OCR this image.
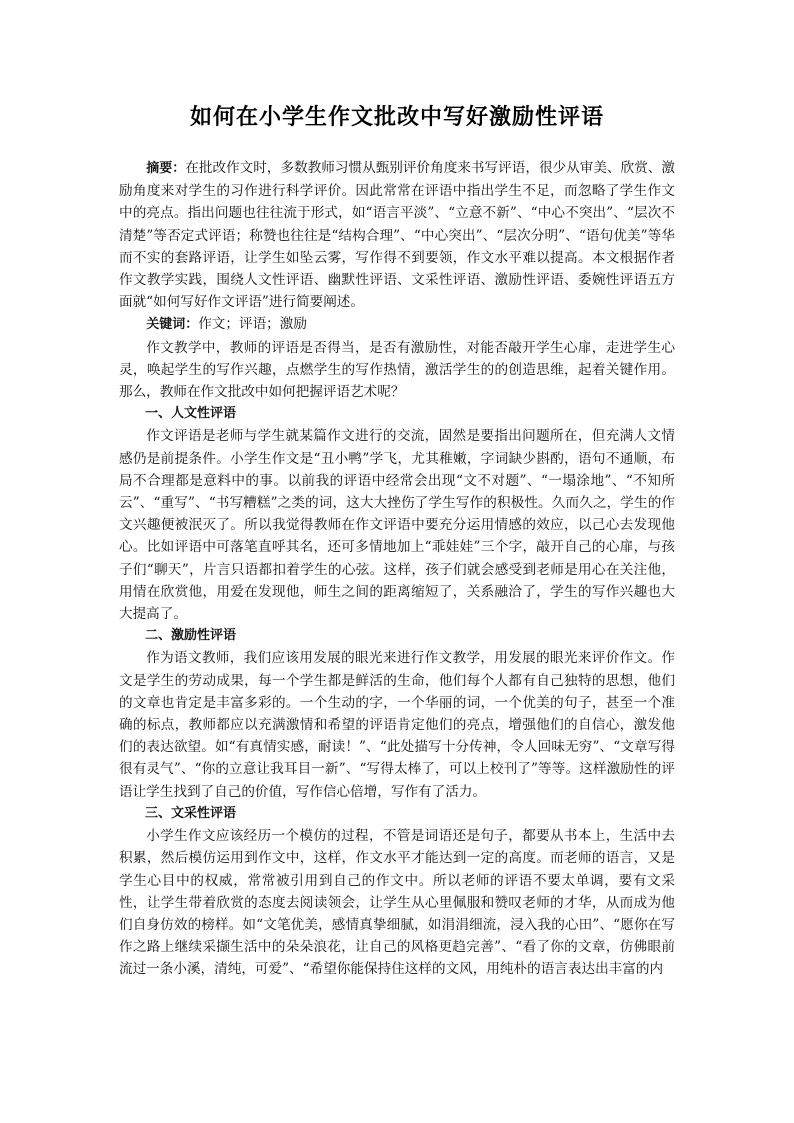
如何在小学生作文批改中写好激励性评语

摘要：在批改作文时，多数教师习惯从甄别评价角度来书写评语，很少从审美、欣赏、激励角度来对学生的习作进行科学评价。因此常常在评语中指出学生不足，而忽略了学生作文中的亮点。指出问题也往往流于形式，如“语言平淡”、“立意不新”、“中心不突出”、“层次不清楚”等否定式评语；称赞也往往是“结构合理”、“中心突出”、“层次分明”、“语句优美”等华而不实的套路评语，让学生如坠云雾，写作得不到要领，作文水平难以提高。本文根据作者作文教学实践，围绕人文性评语、幽默性评语、文采性评语、激励性评语、委婉性评语五方面就“如何写好作文评语”进行简要阐述。

关键词：作文；评语；激励

作文教学中，教师的评语是否得当，是否有激励性，对能否敲开学生心扉，走进学生心灵，唤起学生的写作兴趣，点燃学生的写作热情，激活学生的的创造思维，起着关键作用。那么，教师在作文批改中如何把握评语艺术呢？

一、人文性评语

作文评语是老师与学生就某篇作文进行的交流，固然是要指出问题所在，但充满人文情感仍是前提条件。小学生作文是“丑小鸭”学飞，尤其稚嫩，字词缺少斟酌，语句不通顺，布局不合理都是意料中的事。以前我的评语中经常会出现“文不对题”、“一塌涂地”、“不知所云”、“重写”、“书写糟糕”之类的词，这大大挫伤了学生写作的积极性。久而久之，学生的作文兴趣便被泯灭了。所以我觉得教师在作文评语中要充分运用情感的效应，以己心去发现他心。比如评语中可落笔直呼其名，还可多情地加上“乖娃娃”三个字，敲开自己的心扉，与孩子们“聊天”，片言只语都扣着学生的心弦。这样，孩子们就会感受到老师是用心在关注他，用情在欣赏他，用爱在发现他，师生之间的距离缩短了，关系融洽了，学生的写作兴趣也大大提高了。

二、激励性评语

作为语文教师，我们应该用发展的眼光来进行作文教学，用发展的眼光来评价作文。作文是学生的劳动成果，每一个学生都是鲜活的生命，他们每个人都有自己独特的思想，他们的文章也肯定是丰富多彩的。一个生动的字，一个华丽的词，一个优美的句子，甚至一个准确的标点，教师都应以充满激情和希望的评语肯定他们的亮点，增强他们的自信心，激发他们的表达欲望。如“有真情实感，耐读！”、“此处描写十分传神，令人回味无穷”、“文章写得很有灵气”、“你的立意让我耳目一新”、“写得太棒了，可以上校刊了”等等。这样激励性的评语让学生找到了自己的价值，写作信心倍增，写作有了活力。

三、文采性评语

小学生作文应该经历一个模仿的过程，不管是词语还是句子，都要从书本上，生活中去积累，然后模仿运用到作文中，这样，作文水平才能达到一定的高度。而老师的语言，又是学生心目中的权威，常常被引用到自己的作文中。所以老师的评语不要太单调，要有文采性，让学生带着欣赏的态度去阅读领会，让学生从心里佩服和赞叹老师的才华，从而成为他们自身仿效的榜样。如“文笔优美，感情真挚细腻，如涓涓细流，浸入我的心田”、“愿你在写作之路上继续采撷生活中的朵朵浪花，让自己的风格更趋完善”、“看了你的文章，仿佛眼前流过一条小溪，清纯，可爱”、“希望你能保持住这样的文风，用纯朴的语言表达出丰富的内
